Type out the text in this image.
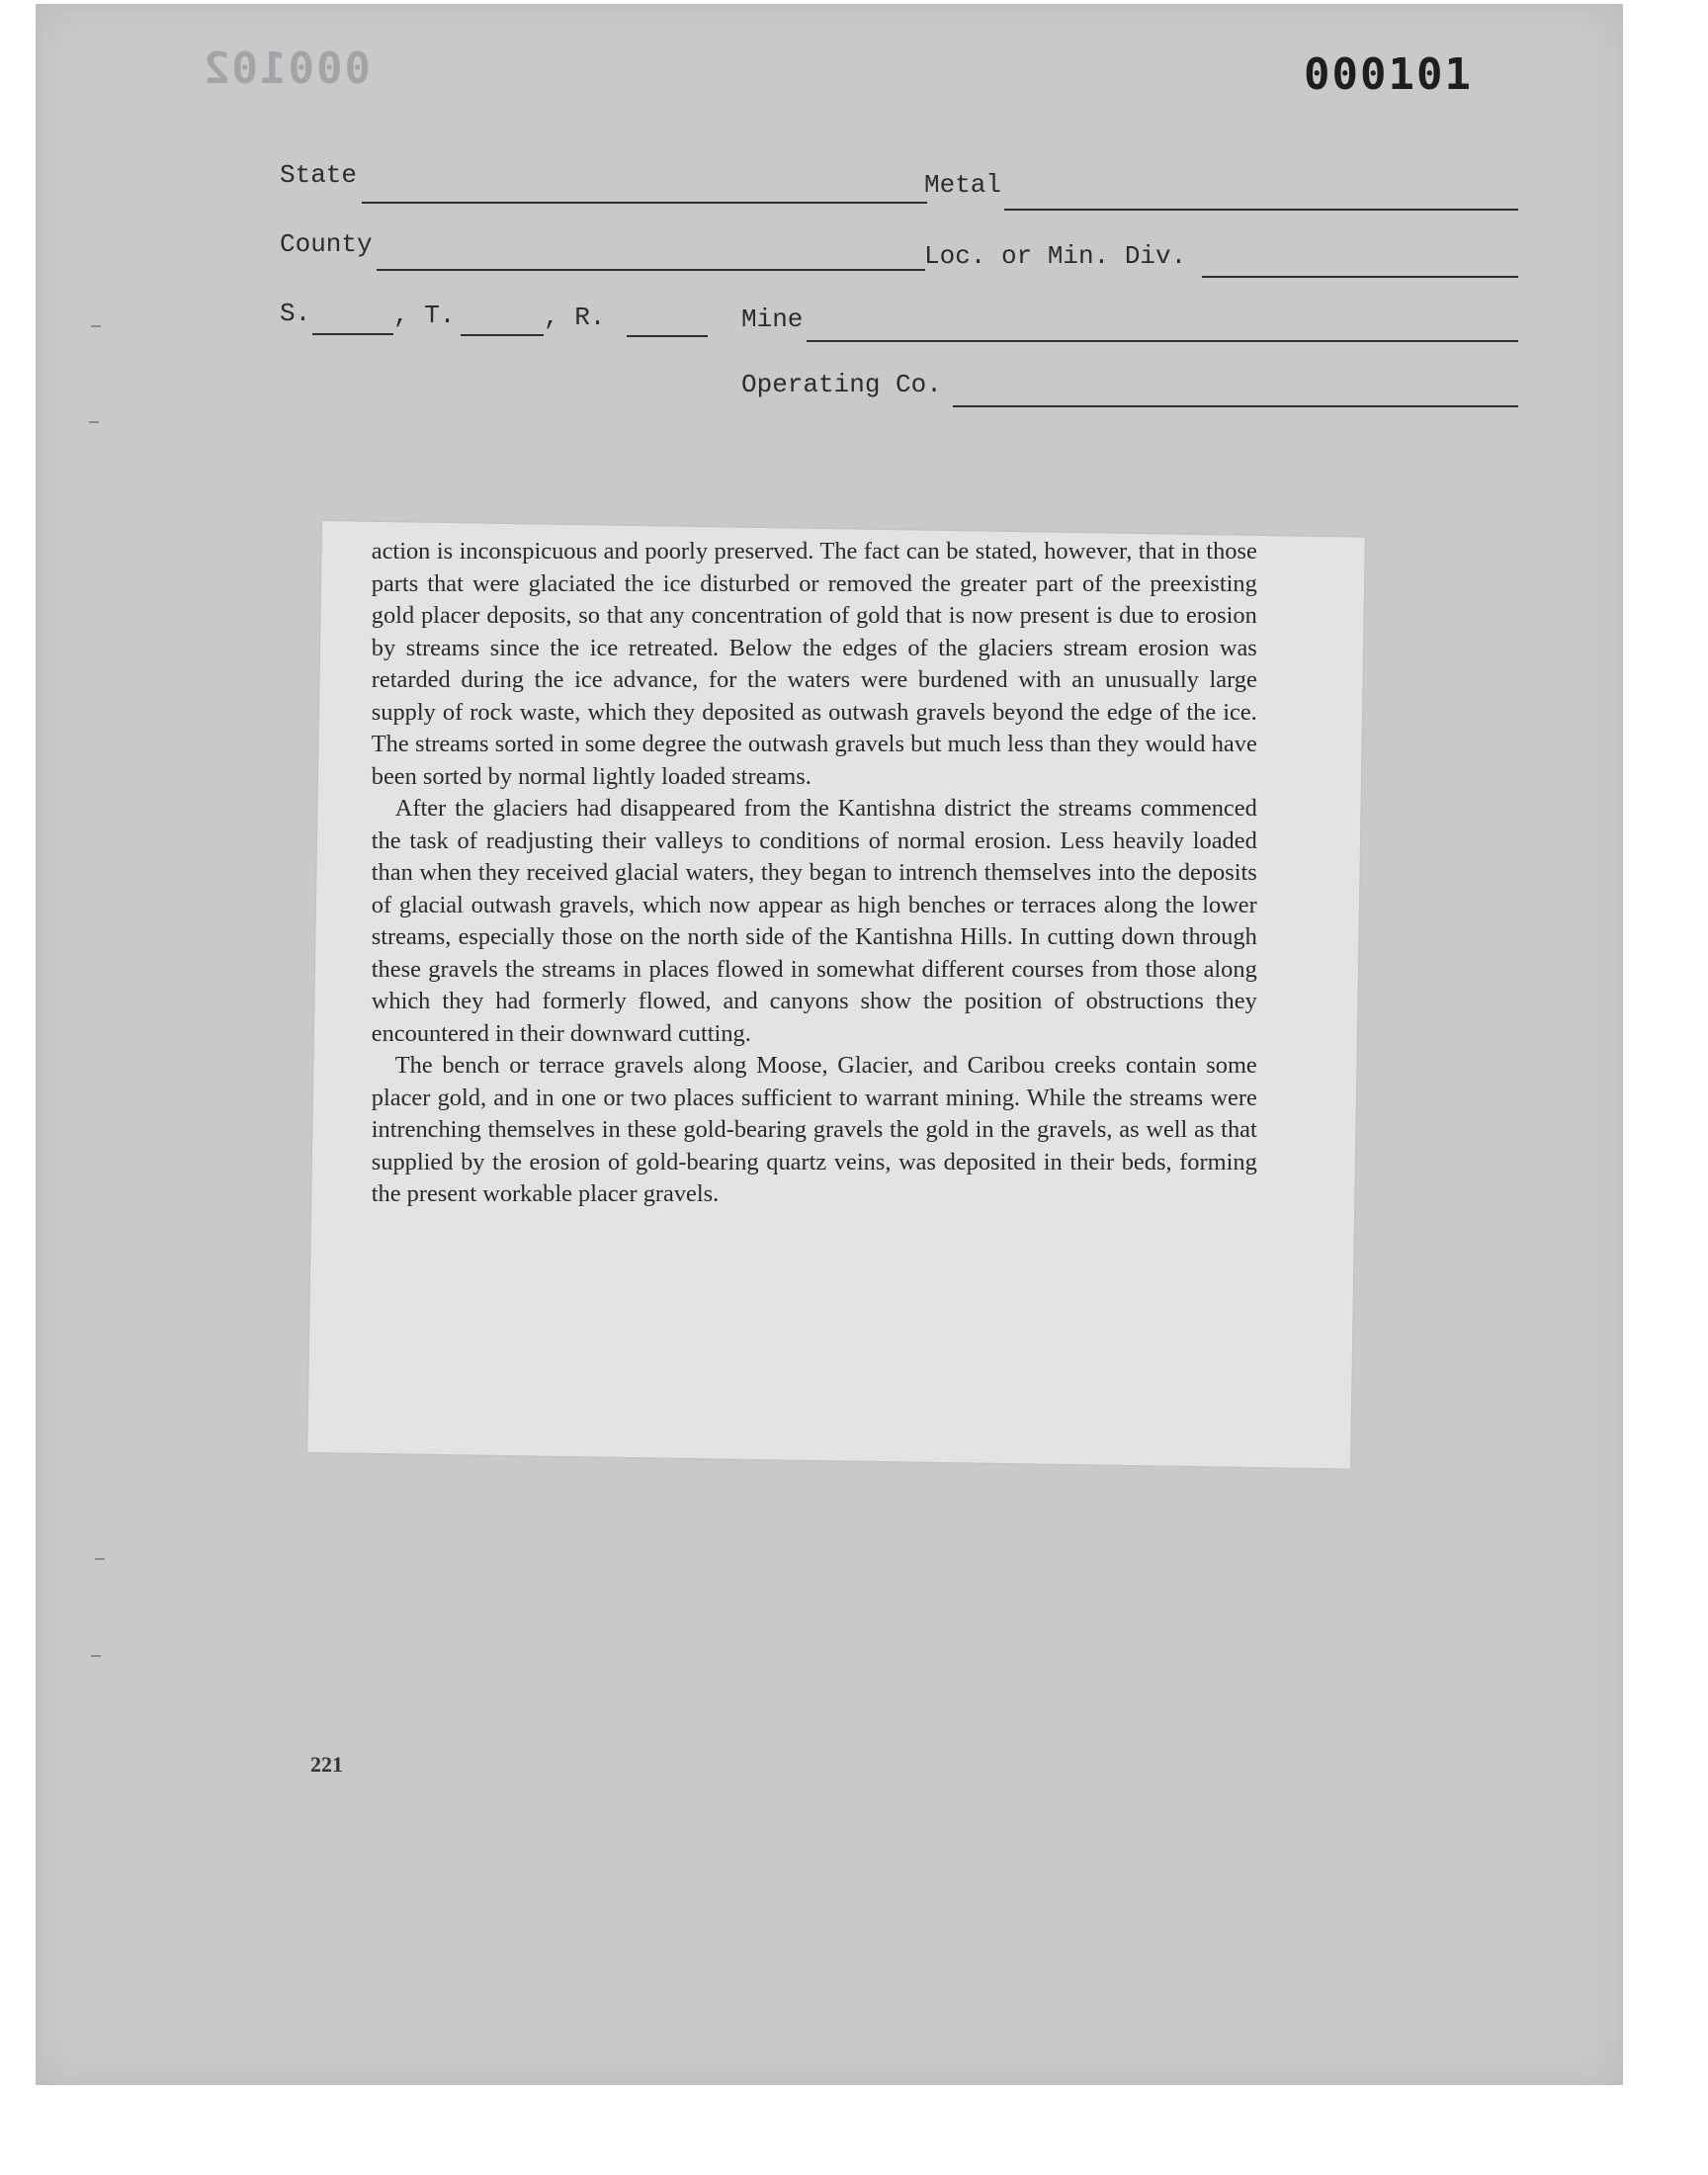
000102	000101
State	Metal
County	Loc. or Min. Div.
S.	, T.	, R.	Mine
Operating Co.

action is inconspicuous and poorly preserved. The fact can be stated, however, that in those parts that were glaciated the ice disturbed or removed the greater part of the preexisting gold placer deposits, so that any concentration of gold that is now present is due to erosion by streams since the ice retreated. Below the edges of the glaciers stream erosion was retarded during the ice advance, for the waters were burdened with an unusually large supply of rock waste, which they deposited as outwash gravels beyond the edge of the ice. The streams sorted in some degree the outwash gravels but much less than they would have been sorted by normal lightly loaded streams.

After the glaciers had disappeared from the Kantishna district the streams commenced the task of readjusting their valleys to conditions of normal erosion. Less heavily loaded than when they received glacial waters, they began to intrench themselves into the deposits of glacial outwash gravels, which now appear as high benches or terraces along the lower streams, especially those on the north side of the Kantishna Hills. In cutting down through these gravels the streams in places flowed in somewhat different courses from those along which they had formerly flowed, and canyons show the position of obstructions they encountered in their downward cutting.

The bench or terrace gravels along Moose, Glacier, and Caribou creeks contain some placer gold, and in one or two places sufficient to warrant mining. While the streams were intrenching themselves in these gold-bearing gravels the gold in the gravels, as well as that supplied by the erosion of gold-bearing quartz veins, was deposited in their beds, forming the present workable placer gravels.

221
